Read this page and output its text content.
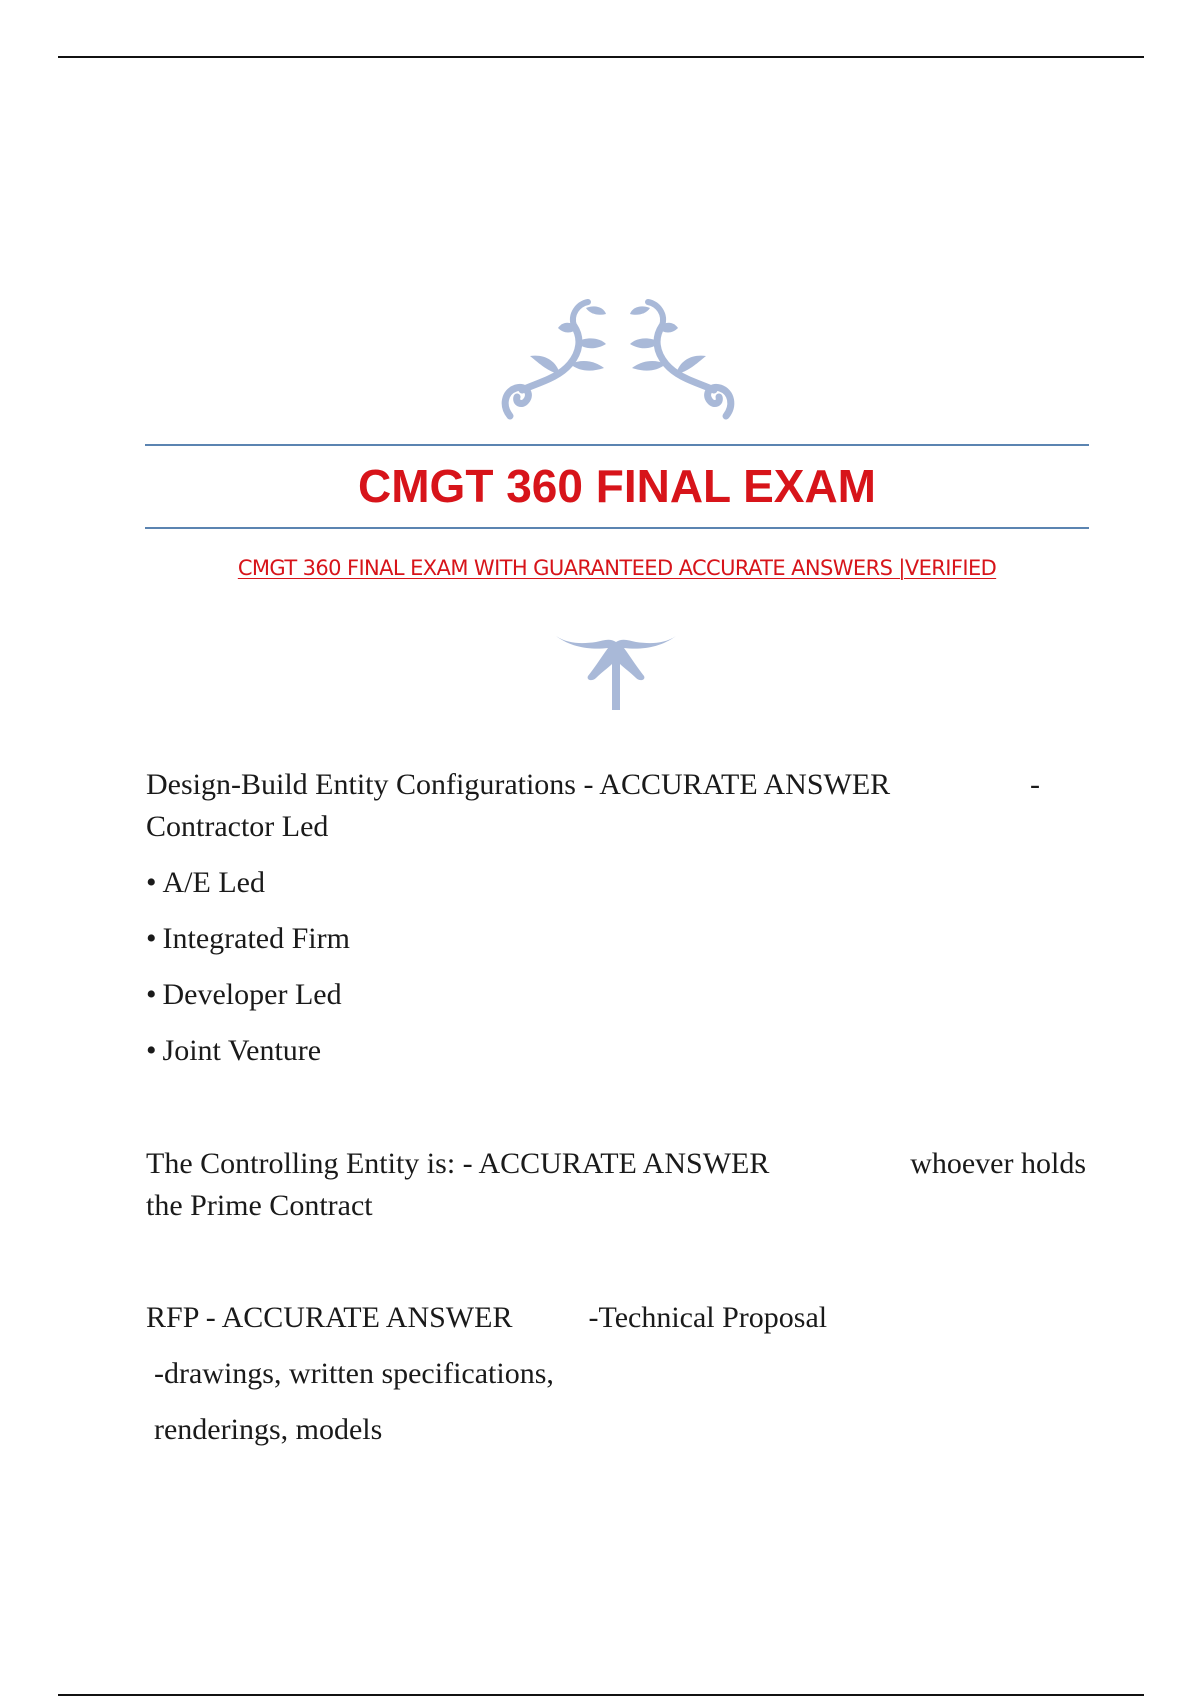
CMGT 360 FINAL EXAM

CMGT 360 FINAL EXAM WITH GUARANTEED ACCURATE ANSWERS |VERIFIED

Design-Build Entity Configurations - ACCURATE ANSWER	-

Contractor Led

• A/E Led
• Integrated Firm
• Developer Led
• Joint Venture
The Controlling Entity is: - ACCURATE ANSWER	whoever holds

the Prime Contract

RFP - ACCURATE ANSWER	-Technical Proposal

-drawings, written specifications,

renderings, models
